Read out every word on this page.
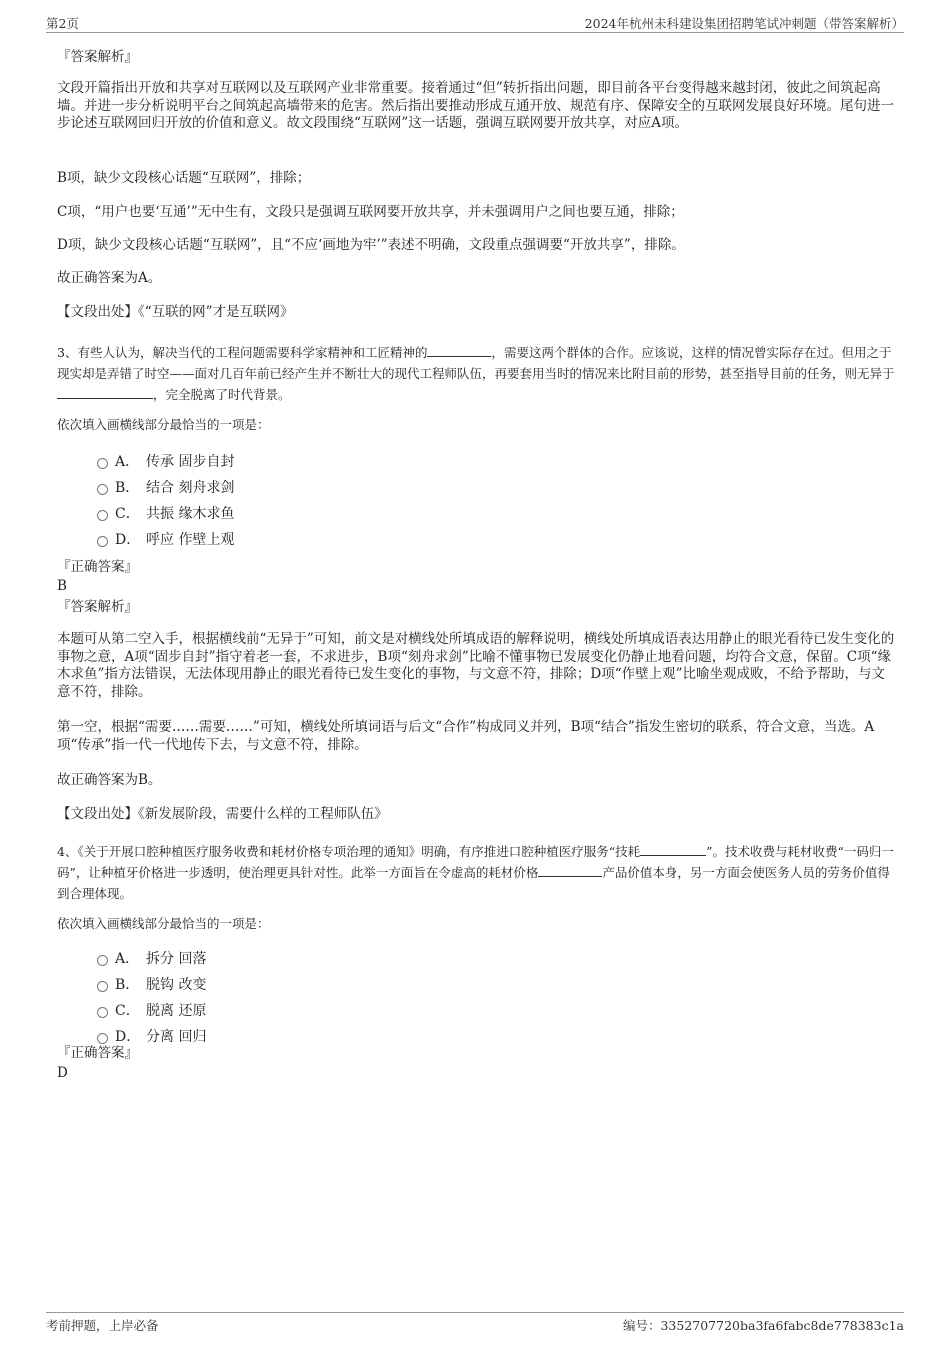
第2页	2024年杭州未科建设集团招聘笔试冲刺题（带答案解析）
『答案解析』
文段开篇指出开放和共享对互联网以及互联网产业非常重要。接着通过“但”转折指出问题，即目前各平台变得越来越封闭，彼此之间筑起高墙。并进一步分析说明平台之间筑起高墙带来的危害。然后指出要推动形成互通开放、规范有序、保障安全的互联网发展良好环境。尾句进一步论述互联网回归开放的价值和意义。故文段围绕“互联网”这一话题，强调互联网要开放共享，对应A项。
B项，缺少文段核心话题“互联网”，排除；
C项，“用户也要‘互通’”无中生有，文段只是强调互联网要开放共享，并未强调用户之间也要互通，排除；
D项，缺少文段核心话题“互联网”，且“不应‘画地为牢’”表述不明确，文段重点强调要“开放共享”，排除。
故正确答案为A。
【文段出处】《“互联的网”才是互联网》
3、有些人认为，解决当代的工程问题需要科学家精神和工匠精神的	，需要这两个群体的合作。应该说，这样的情况曾实际存在过。但用之于现实却是弄错了时空——面对几百年前已经产生并不断壮大的现代工程师队伍，再要套用当时的情况来比附目前的形势，甚至指导目前的任务，则无异于，完全脱离了时代背景。
依次填入画横线部分最恰当的一项是：
A． 传承 固步自封
B． 结合 刻舟求剑
C． 共振 缘木求鱼
D． 呼应 作壁上观
『正确答案』
B
『答案解析』
本题可从第二空入手，根据横线前“无异于”可知，前文是对横线处所填成语的解释说明，横线处所填成语表达用静止的眼光看待已发生变化的事物之意，A项“固步自封”指守着老一套，不求进步，B项“刻舟求剑”比喻不懂事物已发展变化仍静止地看问题，均符合文意，保留。C项“缘木求鱼”指方法错误，无法体现用静止的眼光看待已发生变化的事物，与文意不符，排除；D项“作壁上观”比喻坐观成败，不给予帮助，与文意不符，排除。
第一空，根据“需要……需要……”可知，横线处所填词语与后文“合作”构成同义并列，B项“结合”指发生密切的联系，符合文意，当选。A项“传承”指一代一代地传下去，与文意不符，排除。
故正确答案为B。
【文段出处】《新发展阶段，需要什么样的工程师队伍》
4、《关于开展口腔种植医疗服务收费和耗材价格专项治理的通知》明确，有序推进口腔种植医疗服务“技耗	”。技术收费与耗材收费“一码归一码”，让种植牙价格进一步透明，使治理更具针对性。此举一方面旨在令虚高的耗材价格	产品价值本身，另一方面会使医务人员的劳务价值得到合理体现。
依次填入画横线部分最恰当的一项是：
A． 拆分 回落
B． 脱钩 改变
C． 脱离 还原
D． 分离 回归
『正确答案』
D
考前押题，上岸必备	编号：3352707720ba3fa6fabc8de778383c1a
